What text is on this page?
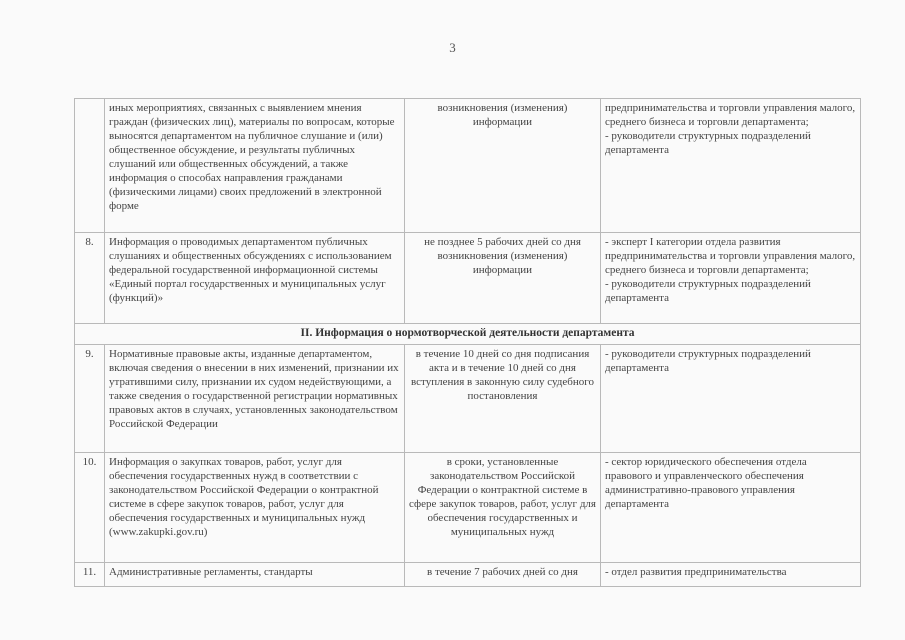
3
	иных мероприятиях, связанных с выявлением мнения граждан (физических лиц), материалы по вопросам, которые выносятся департаментом на публичное слушание и (или) общественное обсуждение, и результаты публичных слушаний или общественных обсуждений, а также информация о способах направления гражданами (физическими лицами) своих предложений в электронной форме	возникновения (изменения) информации	предпринимательства и торговли управления малого, среднего бизнеса и торговли департамента;
- руководители структурных подразделений департамента

8.	Информация о проводимых департаментом публичных слушаниях и общественных обсуждениях с использованием федеральной государственной информационной системы «Единый портал государственных и муниципальных услуг (функций)»	не позднее 5 рабочих дней со дня возникновения (изменения) информации	- эксперт I категории отдела развития предпринимательства и торговли управления малого, среднего бизнеса и торговли департамента;
- руководители структурных подразделений департамента

II. Информация о нормотворческой деятельности департамента			
9.	Нормативные правовые акты, изданные департаментом, включая сведения о внесении в них изменений, признании их утратившими силу, признании их судом недействующими, а также сведения о государственной регистрации нормативных правовых актов в случаях, установленных законодательством Российской Федерации	в течение 10 дней со дня подписания акта и в течение 10 дней со дня вступления в законную силу судебного постановления	- руководители структурных подразделений департамента

10.	Информация о закупках товаров, работ, услуг для обеспечения государственных нужд в соответствии с законодательством Российской Федерации о контрактной системе в сфере закупок товаров, работ, услуг для обеспечения государственных и муниципальных нужд (www.zakupki.gov.ru)	в сроки, установленные законодательством Российской Федерации о контрактной системе в сфере закупок товаров, работ, услуг для обеспечения государственных и муниципальных нужд	- сектор юридического обеспечения отдела правового и управленческого обеспечения административно-правового управления департамента

11.	Административные регламенты, стандарты	в течение 7 рабочих дней со дня	- отдел развития предпринимательства
